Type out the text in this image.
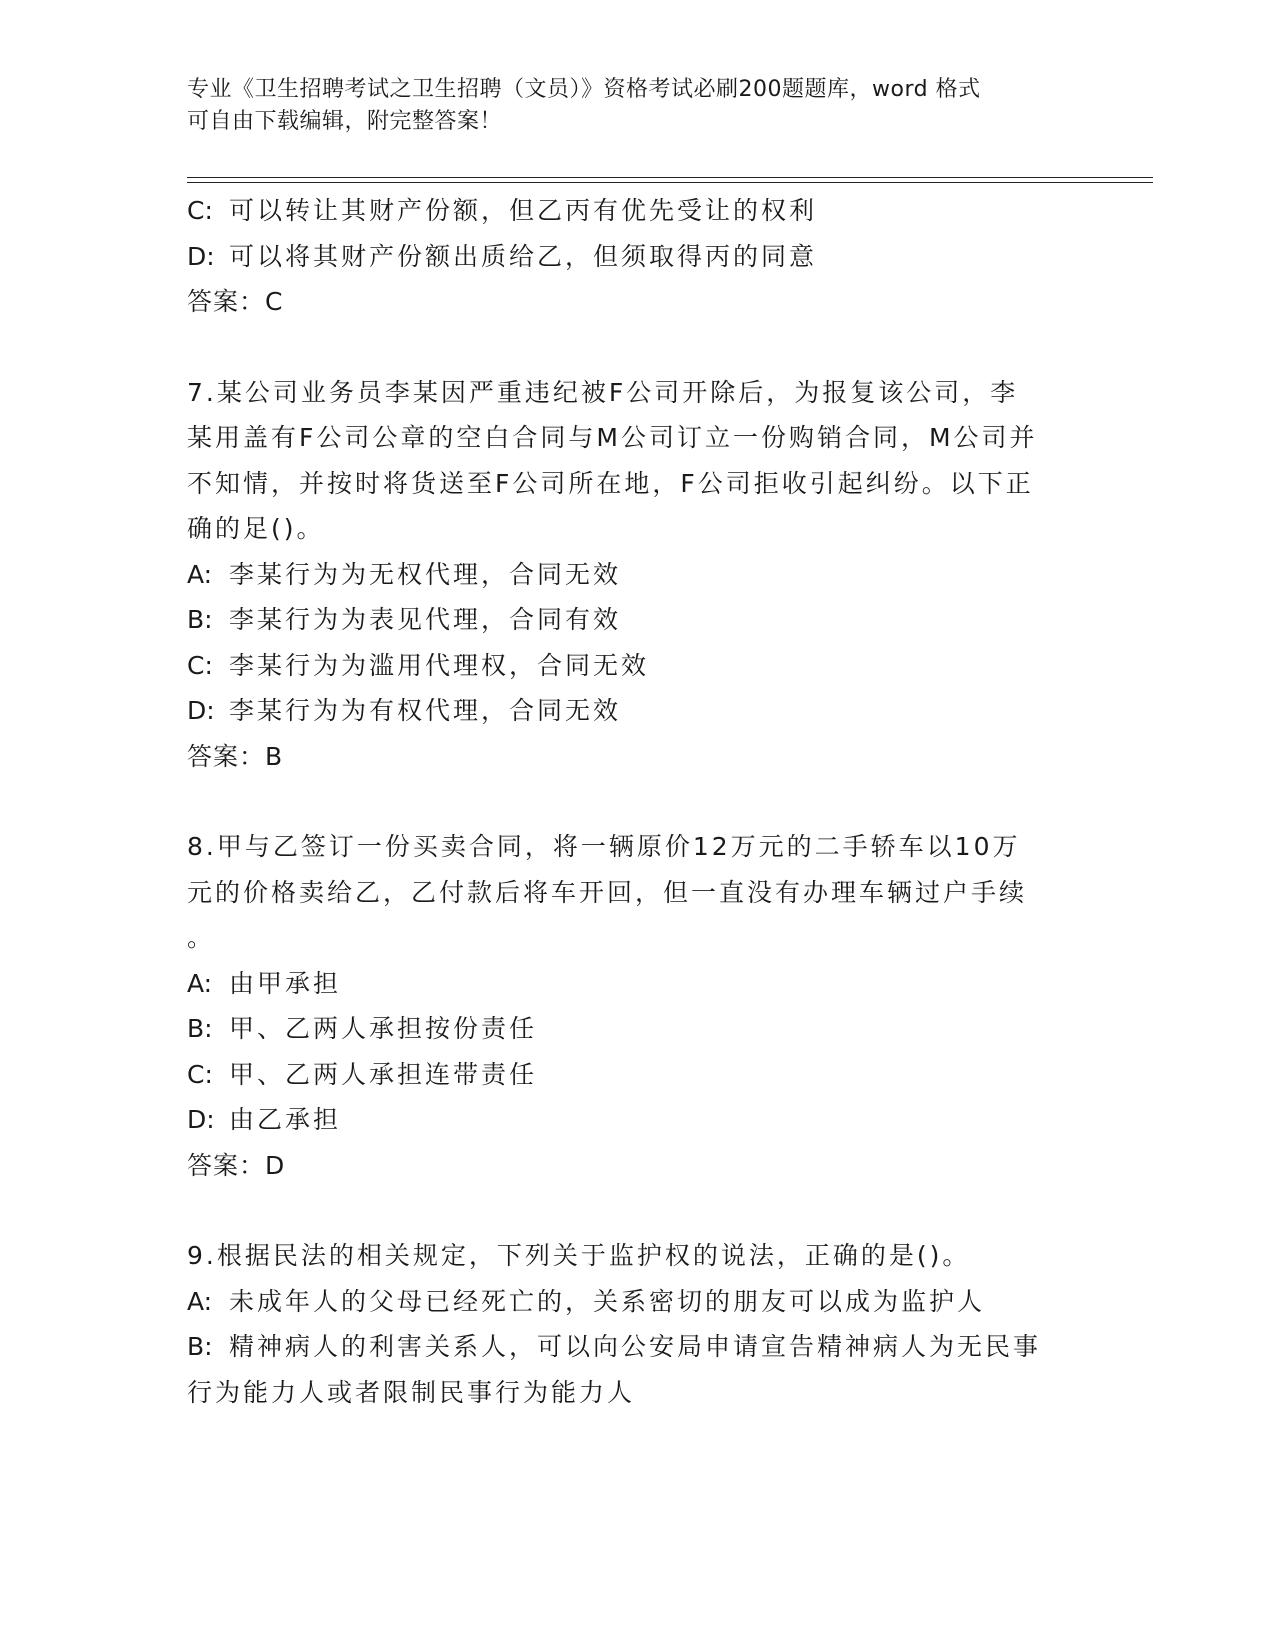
专业《卫生招聘考试之卫生招聘（文员）》资格考试必刷200题题库，word 格式
可自由下载编辑，附完整答案！
C: 可以转让其财产份额，但乙丙有优先受让的权利
D: 可以将其财产份额出质给乙，但须取得丙的同意
答案：C
7.某公司业务员李某因严重违纪被F公司开除后，为报复该公司，李
某用盖有F公司公章的空白合同与M公司订立一份购销合同，M公司并
不知情，并按时将货送至F公司所在地，F公司拒收引起纠纷。以下正
确的足()。
A: 李某行为为无权代理，合同无效
B: 李某行为为表见代理，合同有效
C: 李某行为为滥用代理权，合同无效
D: 李某行为为有权代理，合同无效
答案：B
8.甲与乙签订一份买卖合同，将一辆原价12万元的二手轿车以10万
元的价格卖给乙，乙付款后将车开回，但一直没有办理车辆过户手续
。
A: 由甲承担
B: 甲、乙两人承担按份责任
C: 甲、乙两人承担连带责任
D: 由乙承担
答案：D
9.根据民法的相关规定，下列关于监护权的说法，正确的是()。
A: 未成年人的父母已经死亡的，关系密切的朋友可以成为监护人
B: 精神病人的利害关系人，可以向公安局申请宣告精神病人为无民事
行为能力人或者限制民事行为能力人
